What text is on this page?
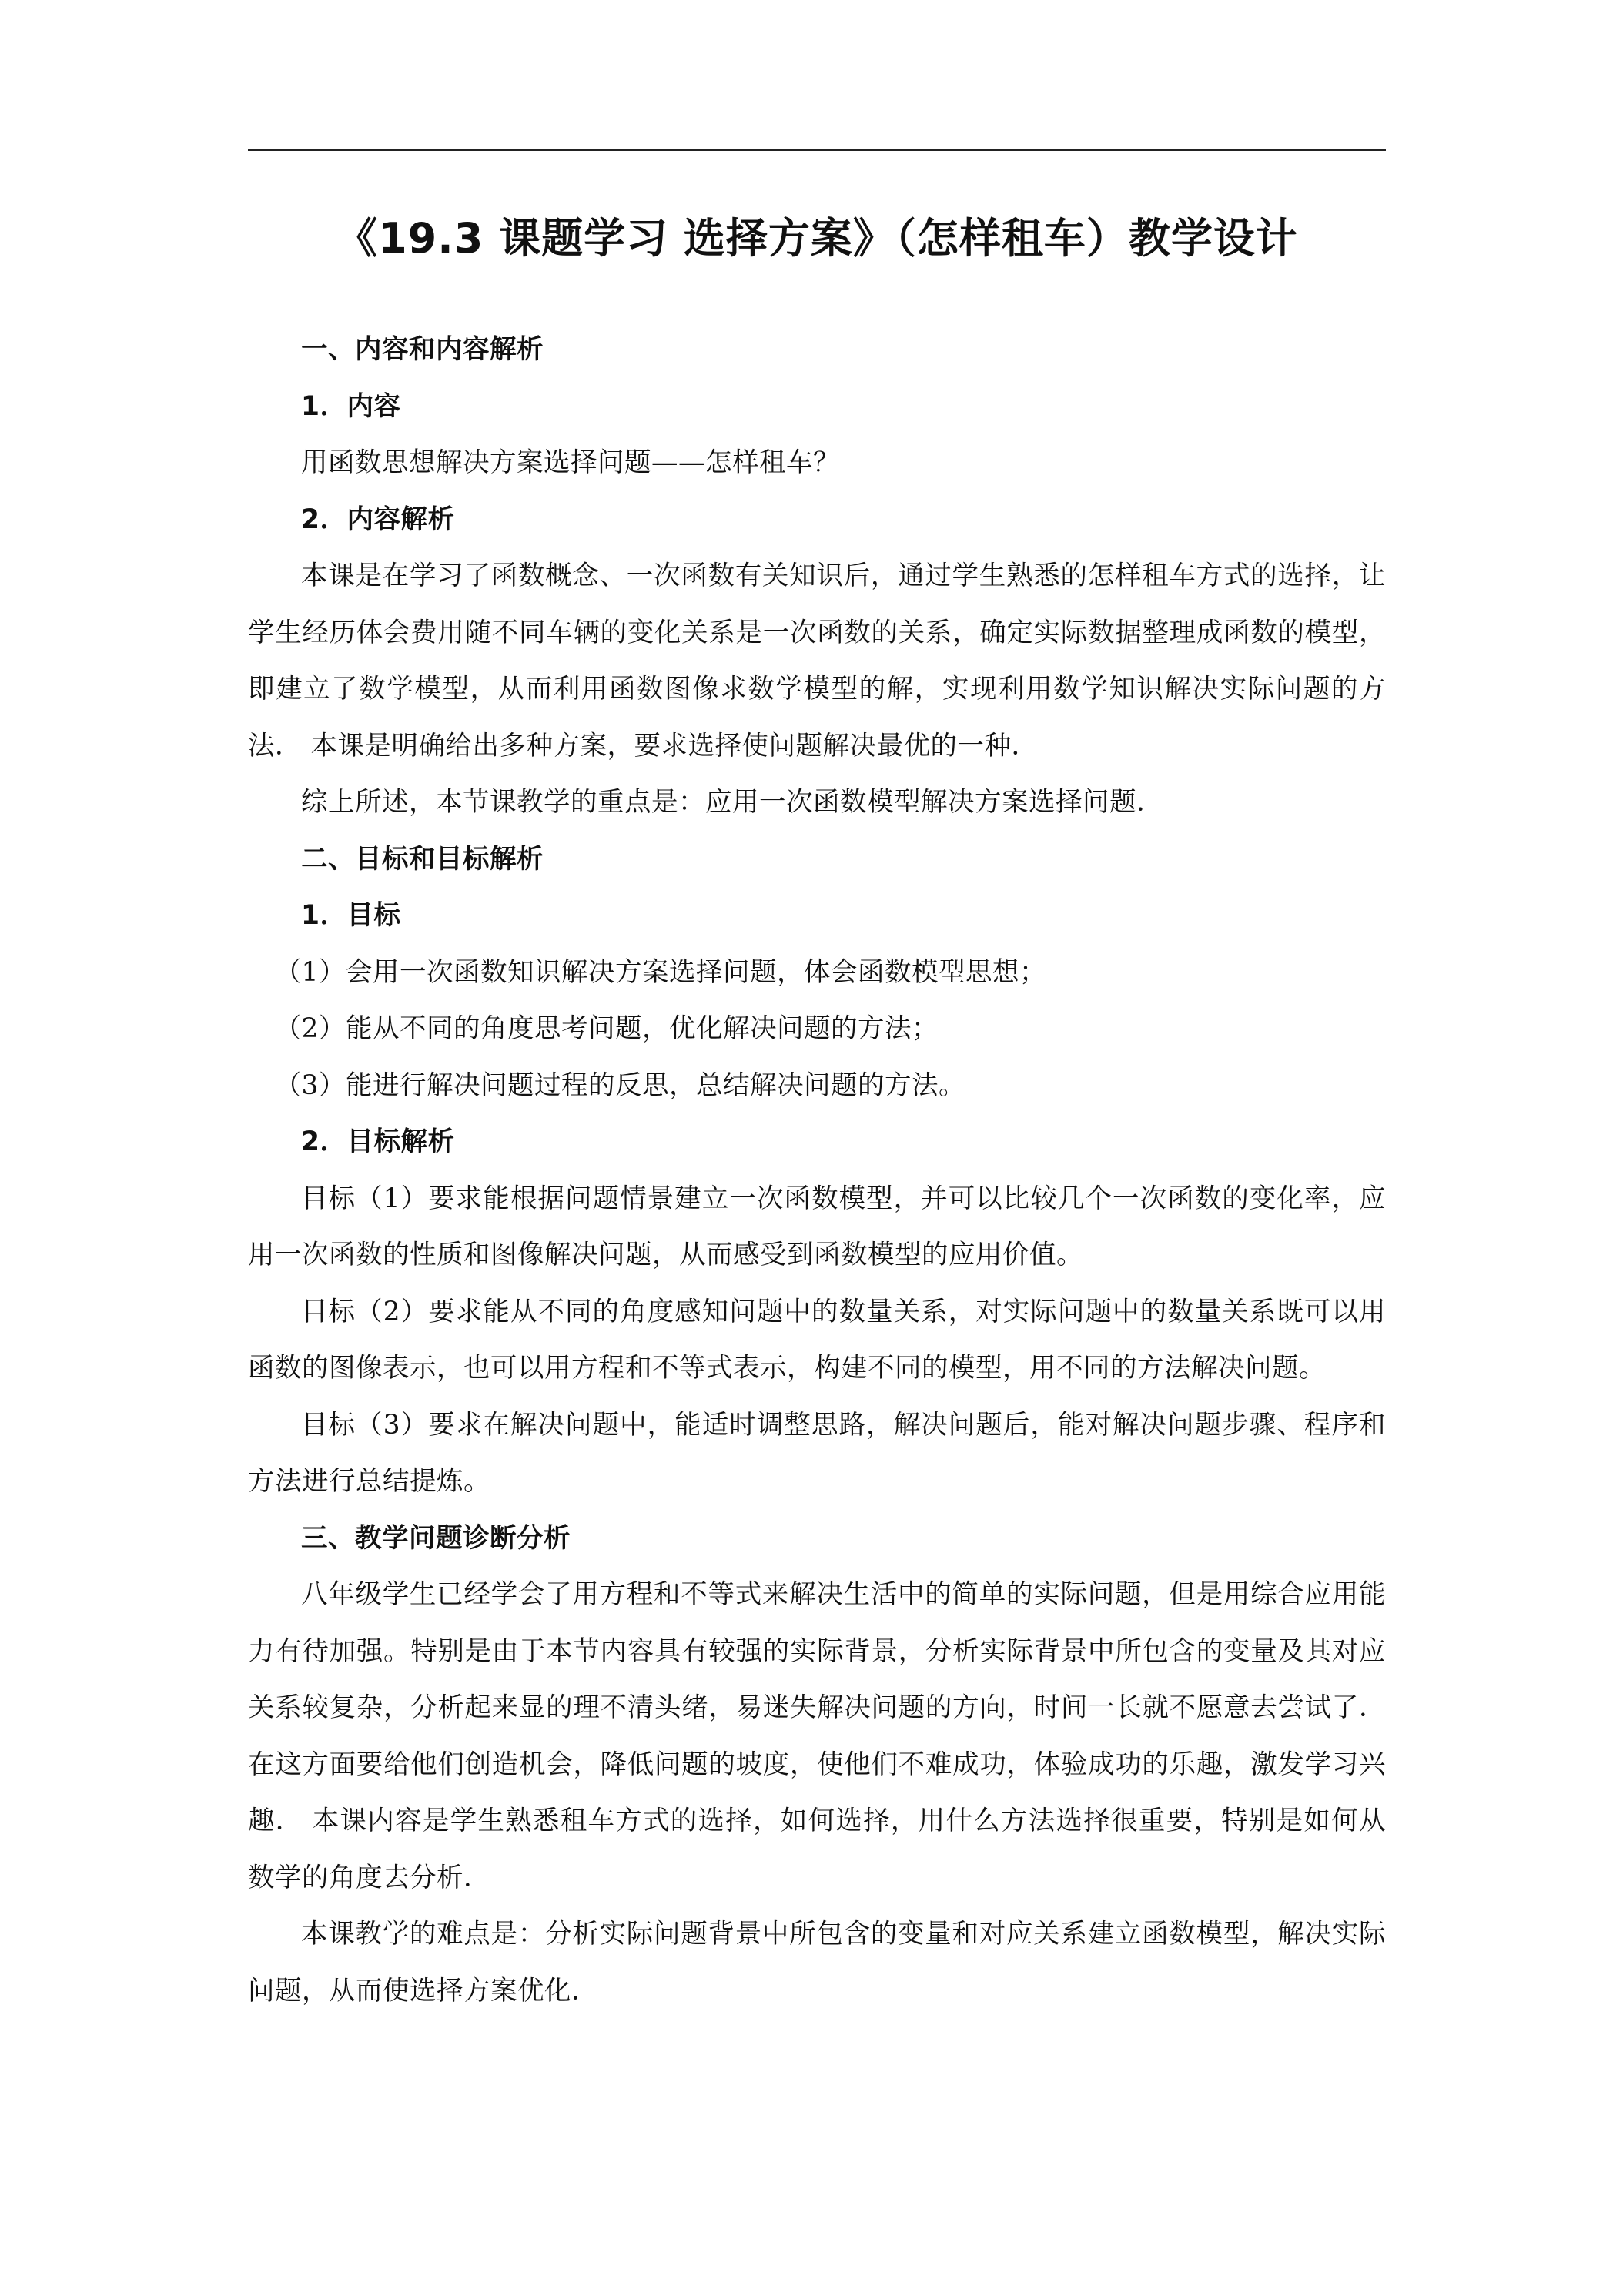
《19.3 课题学习 选择方案》（怎样租车）教学设计

一、内容和内容解析

1．内容

用函数思想解决方案选择问题——怎样租车？

2．内容解析

本课是在学习了函数概念、一次函数有关知识后，通过学生熟悉的怎样租车方式的选择，让学生经历体会费用随不同车辆的变化关系是一次函数的关系，确定实际数据整理成函数的模型，即建立了数学模型，从而利用函数图像求数学模型的解，实现利用数学知识解决实际问题的方法． 本课是明确给出多种方案，要求选择使问题解决最优的一种．

综上所述，本节课教学的重点是：应用一次函数模型解决方案选择问题．

二、目标和目标解析

1．目标

（1）会用一次函数知识解决方案选择问题，体会函数模型思想；

（2）能从不同的角度思考问题，优化解决问题的方法；

（3）能进行解决问题过程的反思，总结解决问题的方法。

2．目标解析

目标（1）要求能根据问题情景建立一次函数模型，并可以比较几个一次函数的变化率，应用一次函数的性质和图像解决问题，从而感受到函数模型的应用价值。

目标（2）要求能从不同的角度感知问题中的数量关系，对实际问题中的数量关系既可以用函数的图像表示，也可以用方程和不等式表示，构建不同的模型，用不同的方法解决问题。

目标（3）要求在解决问题中，能适时调整思路，解决问题后，能对解决问题步骤、程序和方法进行总结提炼。

三、教学问题诊断分析

八年级学生已经学会了用方程和不等式来解决生活中的简单的实际问题，但是用综合应用能力有待加强。特别是由于本节内容具有较强的实际背景，分析实际背景中所包含的变量及其对应关系较复杂，分析起来显的理不清头绪，易迷失解决问题的方向，时间一长就不愿意去尝试了．在这方面要给他们创造机会，降低问题的坡度，使他们不难成功，体验成功的乐趣，激发学习兴趣． 本课内容是学生熟悉租车方式的选择，如何选择，用什么方法选择很重要，特别是如何从数学的角度去分析．

本课教学的难点是：分析实际问题背景中所包含的变量和对应关系建立函数模型，解决实际问题，从而使选择方案优化．
